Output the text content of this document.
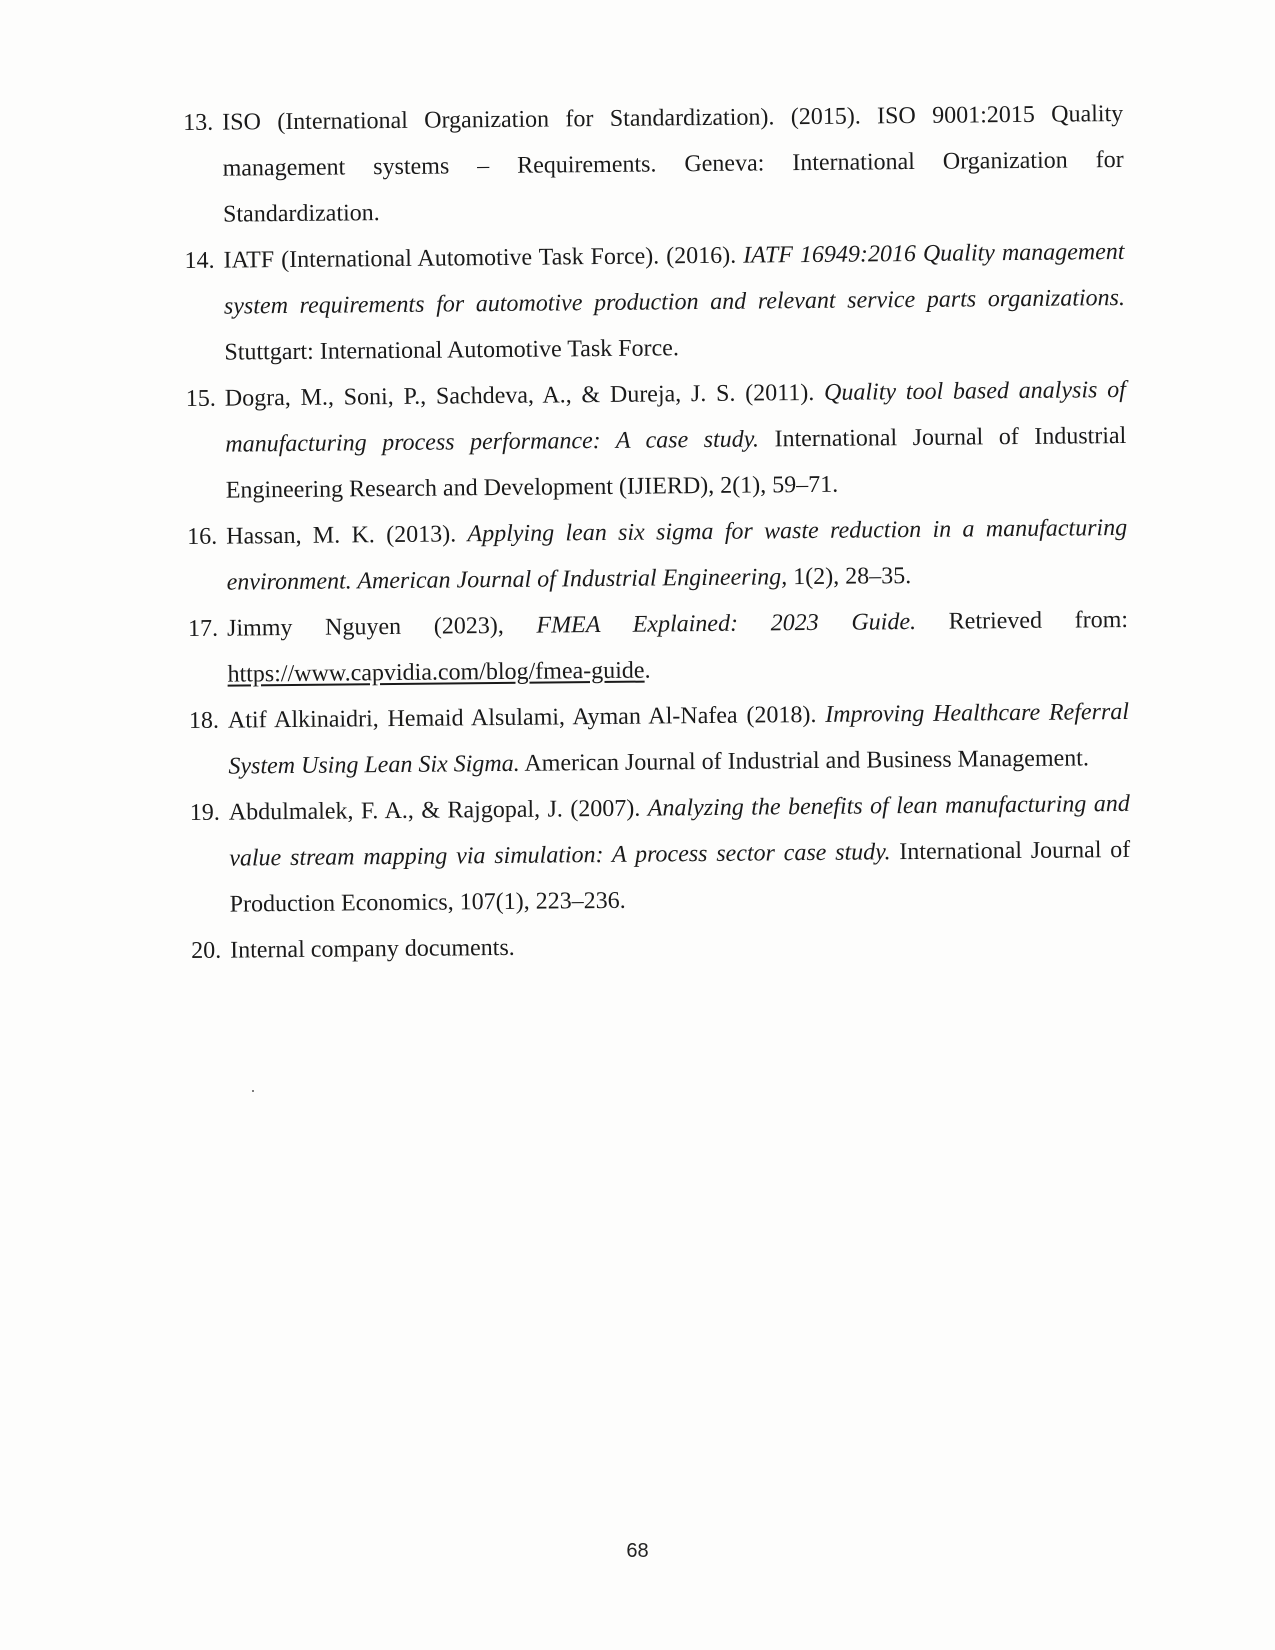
13. ISO (International Organization for Standardization). (2015). ISO 9001:2015 Quality management systems – Requirements. Geneva: International Organization for Standardization.
14. IATF (International Automotive Task Force). (2016). IATF 16949:2016 Quality management system requirements for automotive production and relevant service parts organizations. Stuttgart: International Automotive Task Force.
15. Dogra, M., Soni, P., Sachdeva, A., & Dureja, J. S. (2011). Quality tool based analysis of manufacturing process performance: A case study. International Journal of Industrial Engineering Research and Development (IJIERD), 2(1), 59–71.
16. Hassan, M. K. (2013). Applying lean six sigma for waste reduction in a manufacturing environment. American Journal of Industrial Engineering, 1(2), 28–35.
17. Jimmy Nguyen (2023), FMEA Explained: 2023 Guide. Retrieved from: https://www.capvidia.com/blog/fmea-guide.
18. Atif Alkinaidri, Hemaid Alsulami, Ayman Al-Nafea (2018). Improving Healthcare Referral System Using Lean Six Sigma. American Journal of Industrial and Business Management.
19. Abdulmalek, F. A., & Rajgopal, J. (2007). Analyzing the benefits of lean manufacturing and value stream mapping via simulation: A process sector case study. International Journal of Production Economics, 107(1), 223–236.
20. Internal company documents.
68
